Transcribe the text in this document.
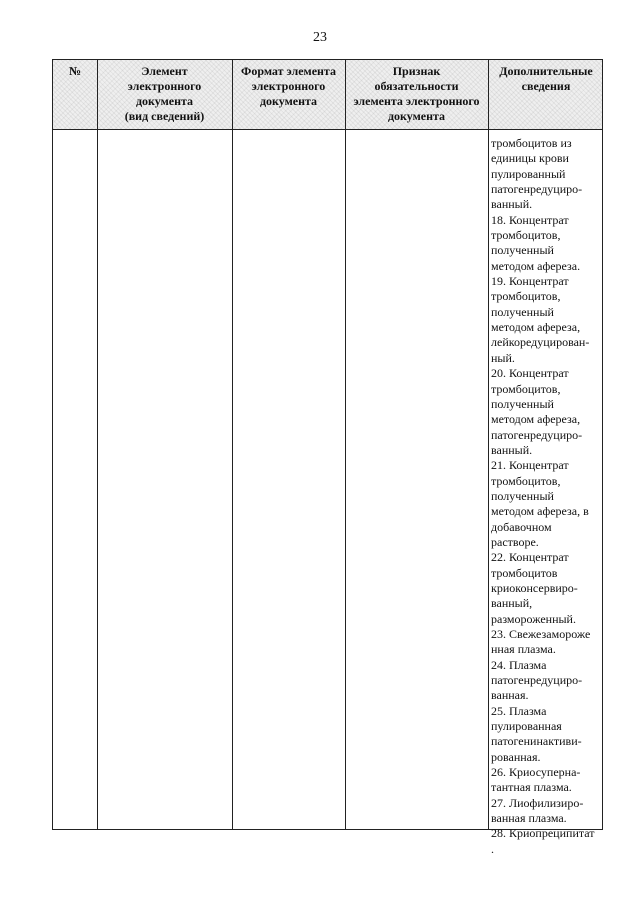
23
№	Элемент
электронного
документа
(вид сведений)
Формат элемента
электронного
документа
Признак
обязательности
элемента электронного
документа
Дополнительные
сведения
тромбоцитов из
единицы крови
пулированный
патогенредуциро-
ванный.
18. Концентрат
тромбоцитов,
полученный
методом афереза.
19. Концентрат
тромбоцитов,
полученный
методом афереза,
лейкоредуцирован-
ный.
20. Концентрат
тромбоцитов,
полученный
методом афереза,
патогенредуциро-
ванный.
21. Концентрат
тромбоцитов,
полученный
методом афереза, в
добавочном
растворе.
22. Концентрат
тромбоцитов
криоконсервиро-
ванный,
размороженный.
23. Свежезамороже
нная плазма.
24. Плазма
патогенредуциро-
ванная.
25. Плазма
пулированная
патогенинактиви-
рованная.
26. Криосуперна-
тантная плазма.
27. Лиофилизиро-
ванная плазма.
28. Криопреципитат
.
